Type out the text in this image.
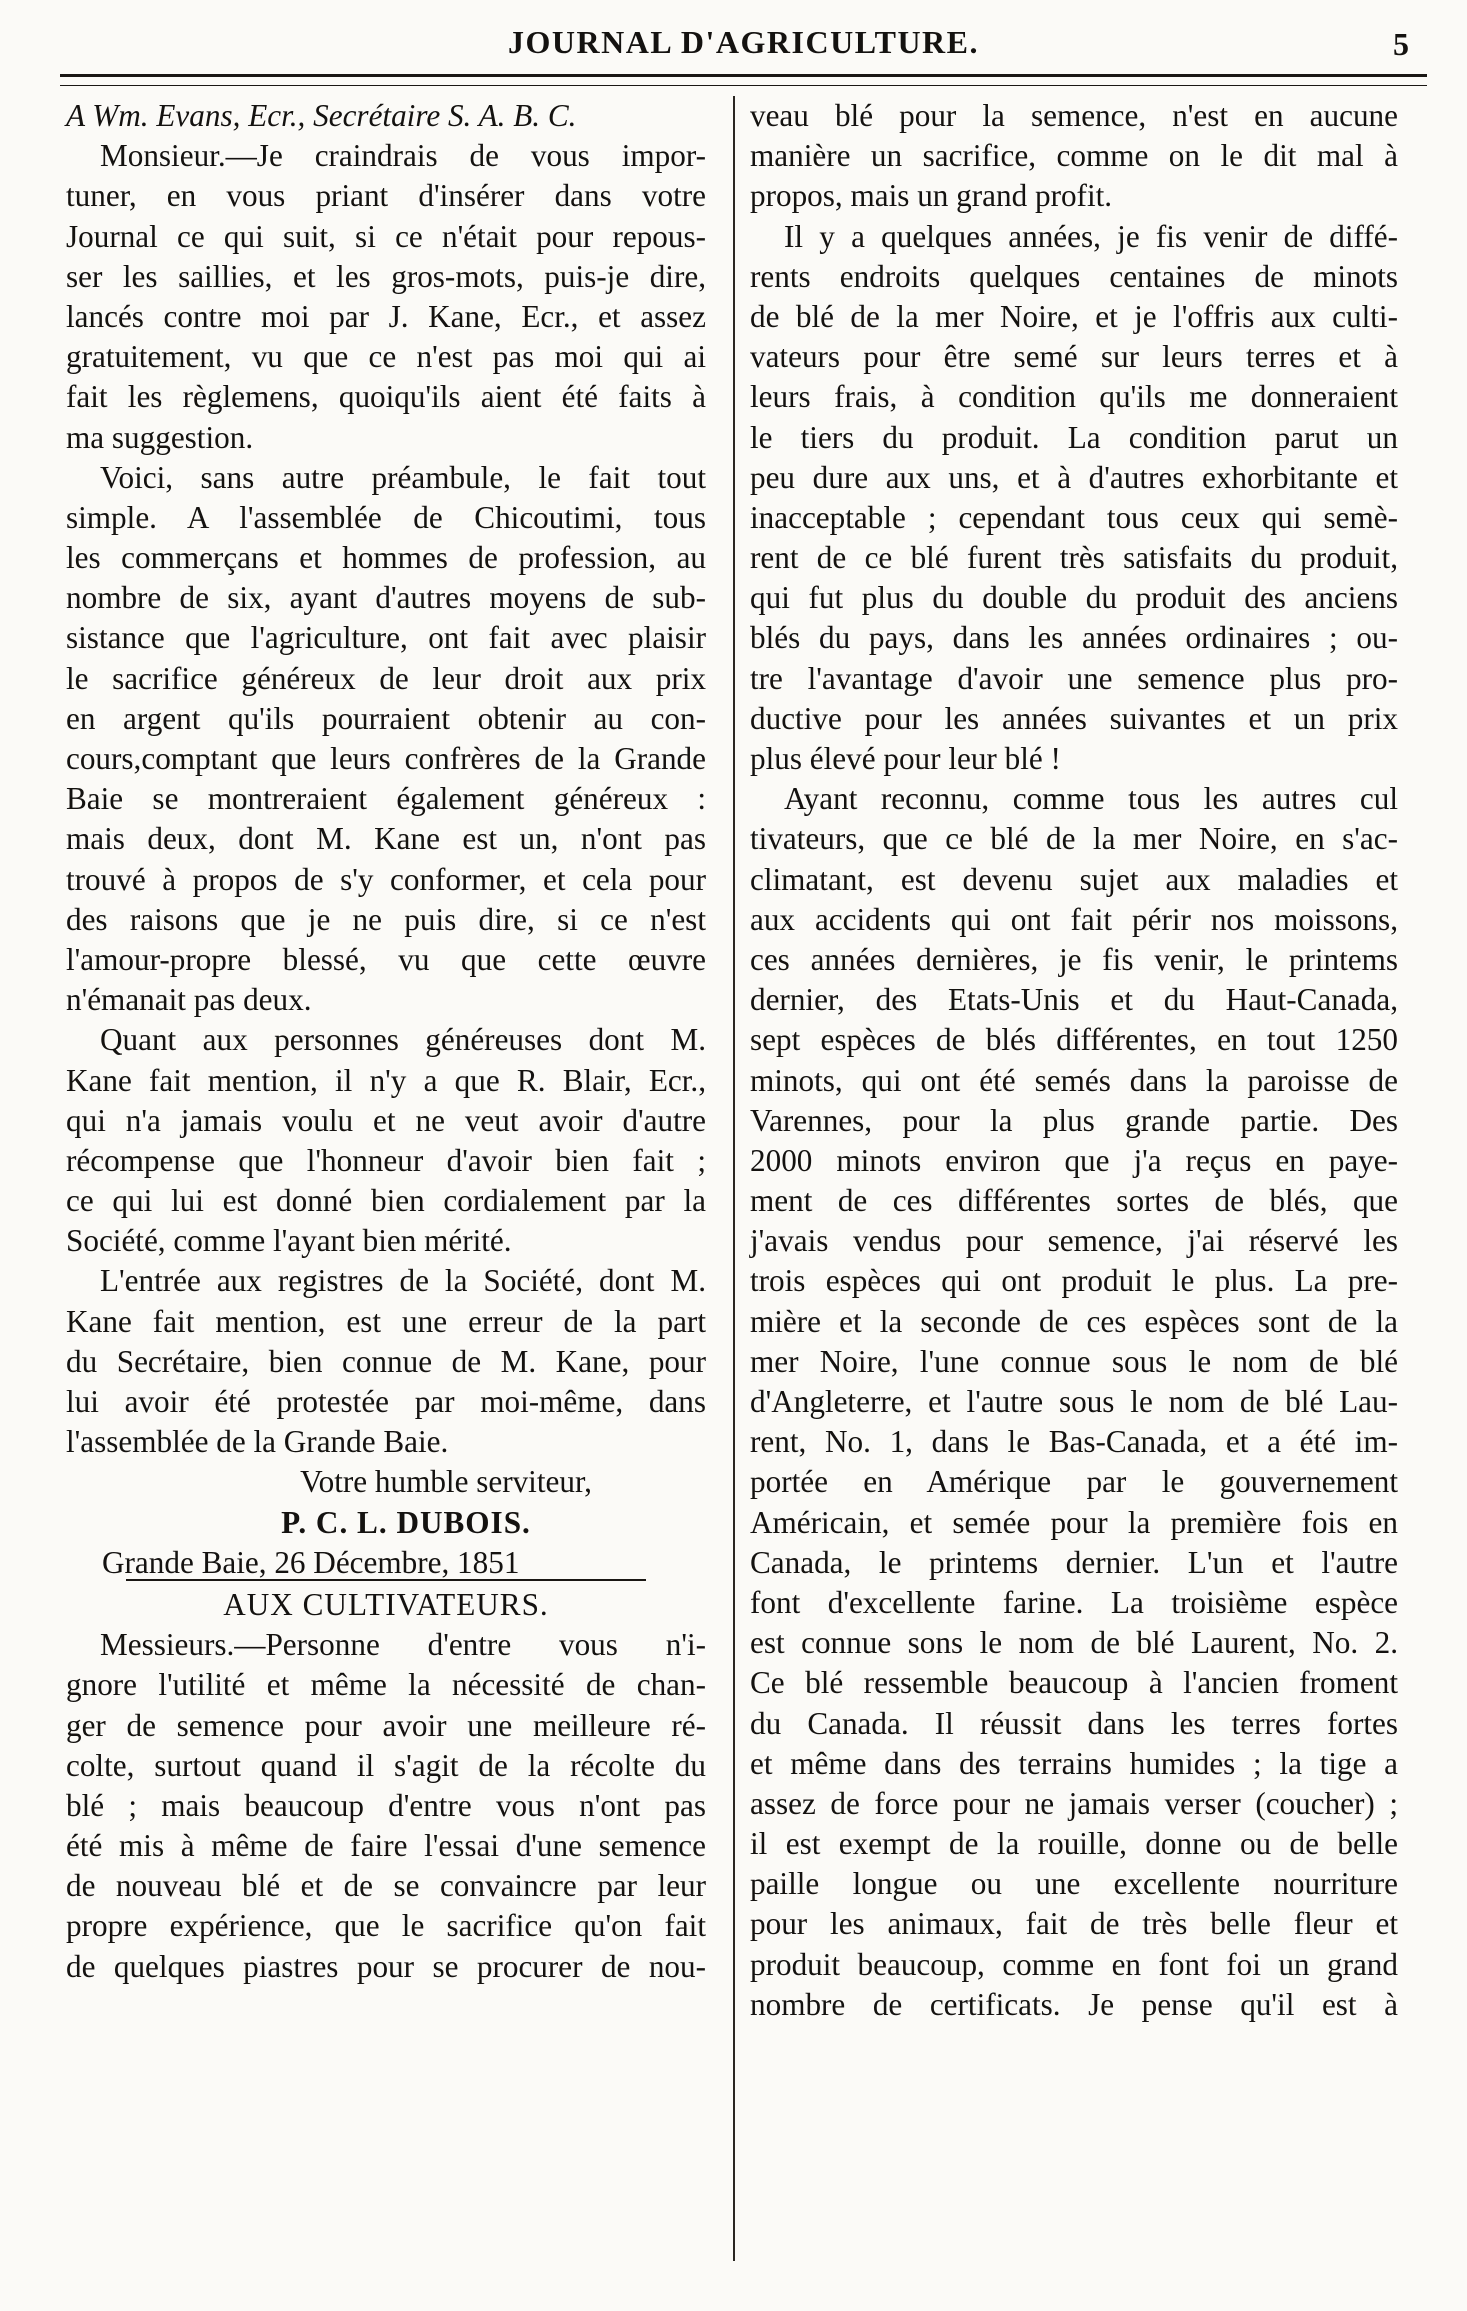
JOURNAL D'AGRICULTURE.	5
A Wm. Evans, Ecr., Secrétaire S. A. B. C.
Monsieur.—Je craindrais de vous impor-
tuner, en vous priant d'insérer dans votre
Journal ce qui suit, si ce n'était pour repous-
ser les saillies, et les gros-mots, puis-je dire,
lancés contre moi par J. Kane, Ecr., et assez
gratuitement, vu que ce n'est pas moi qui ai
fait les règlemens, quoiqu'ils aient été faits à
ma suggestion.
Voici, sans autre préambule, le fait tout
simple. A l'assemblée de Chicoutimi, tous
les commerçans et hommes de profession, au
nombre de six, ayant d'autres moyens de sub-
sistance que l'agriculture, ont fait avec plaisir
le sacrifice généreux de leur droit aux prix
en argent qu'ils pourraient obtenir au con-
cours,comptant que leurs confrères de la Grande
Baie se montreraient également généreux :
mais deux, dont M. Kane est un, n'ont pas
trouvé à propos de s'y conformer, et cela pour
des raisons que je ne puis dire, si ce n'est
l'amour-propre blessé, vu que cette œuvre
n'émanait pas deux.
Quant aux personnes généreuses dont M.
Kane fait mention, il n'y a que R. Blair, Ecr.,
qui n'a jamais voulu et ne veut avoir d'autre
récompense que l'honneur d'avoir bien fait ;
ce qui lui est donné bien cordialement par la
Société, comme l'ayant bien mérité.
L'entrée aux registres de la Société, dont M.
Kane fait mention, est une erreur de la part
du Secrétaire, bien connue de M. Kane, pour
lui avoir été protestée par moi-même, dans
l'assemblée de la Grande Baie.
Votre humble serviteur,
P. C. L. DUBOIS.
Grande Baie, 26 Décembre, 1851
AUX CULTIVATEURS.
Messieurs.—Personne d'entre vous n'i-
gnore l'utilité et même la nécessité de chan-
ger de semence pour avoir une meilleure ré-
colte, surtout quand il s'agit de la récolte du
blé ; mais beaucoup d'entre vous n'ont pas
été mis à même de faire l'essai d'une semence
de nouveau blé et de se convaincre par leur
propre expérience, que le sacrifice qu'on fait
de quelques piastres pour se procurer de nou-
veau blé pour la semence, n'est en aucune
manière un sacrifice, comme on le dit mal à
propos, mais un grand profit.
Il y a quelques années, je fis venir de diffé-
rents endroits quelques centaines de minots
de blé de la mer Noire, et je l'offris aux culti-
vateurs pour être semé sur leurs terres et à
leurs frais, à condition qu'ils me donneraient
le tiers du produit. La condition parut un
peu dure aux uns, et à d'autres exhorbitante et
inacceptable ; cependant tous ceux qui semè-
rent de ce blé furent très satisfaits du produit,
qui fut plus du double du produit des anciens
blés du pays, dans les années ordinaires ; ou-
tre l'avantage d'avoir une semence plus pro-
ductive pour les années suivantes et un prix
plus élevé pour leur blé !
Ayant reconnu, comme tous les autres cul
tivateurs, que ce blé de la mer Noire, en s'ac-
climatant, est devenu sujet aux maladies et
aux accidents qui ont fait périr nos moissons,
ces années dernières, je fis venir, le printems
dernier, des Etats-Unis et du Haut-Canada,
sept espèces de blés différentes, en tout 1250
minots, qui ont été semés dans la paroisse de
Varennes, pour la plus grande partie. Des
2000 minots environ que j'a reçus en paye-
ment de ces différentes sortes de blés, que
j'avais vendus pour semence, j'ai réservé les
trois espèces qui ont produit le plus. La pre-
mière et la seconde de ces espèces sont de la
mer Noire, l'une connue sous le nom de blé
d'Angleterre, et l'autre sous le nom de blé Lau-
rent, No. 1, dans le Bas-Canada, et a été im-
portée en Amérique par le gouvernement
Américain, et semée pour la première fois en
Canada, le printems dernier. L'un et l'autre
font d'excellente farine. La troisième espèce
est connue sons le nom de blé Laurent, No. 2.
Ce blé ressemble beaucoup à l'ancien froment
du Canada. Il réussit dans les terres fortes
et même dans des terrains humides ; la tige a
assez de force pour ne jamais verser (coucher) ;
il est exempt de la rouille, donne ou de belle
paille longue ou une excellente nourriture
pour les animaux, fait de très belle fleur et
produit beaucoup, comme en font foi un grand
nombre de certificats. Je pense qu'il est à
